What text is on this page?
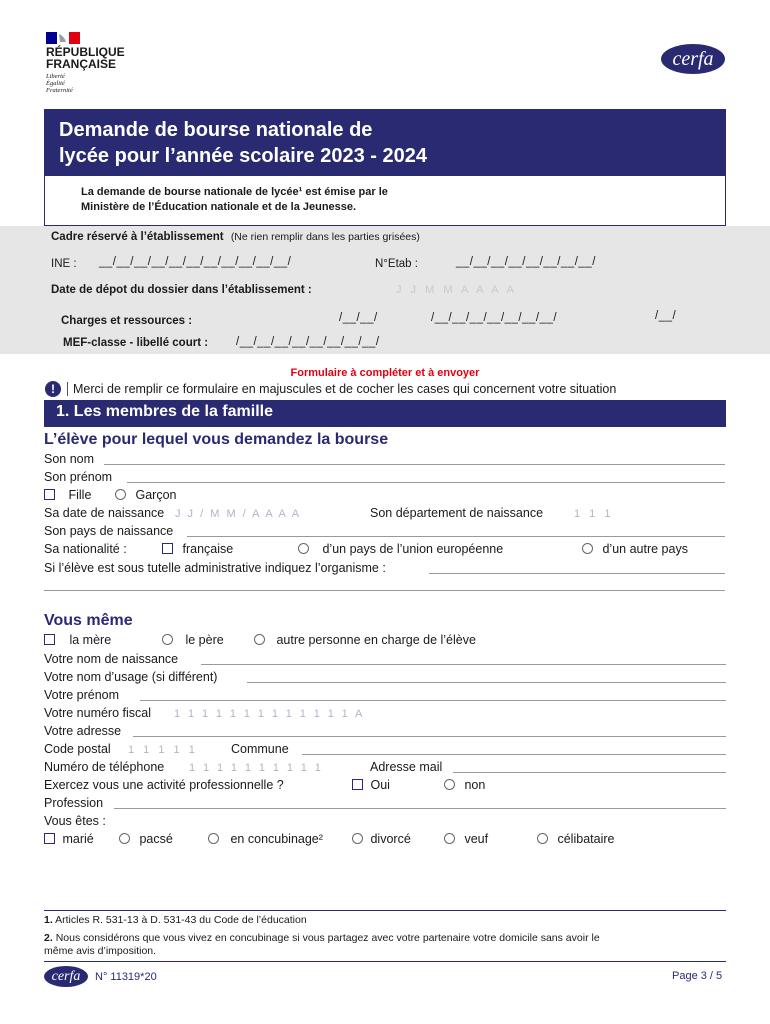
RÉPUBLIQUE
FRANÇAISE
Liberté
Égalité
Fraternité
cerfa
Demande de bourse nationale de
lycée pour l’année scolaire 2023 - 2024
La demande de bourse nationale de lycée¹ est émise par le
Ministère de l’Éducation nationale et de la Jeunesse.
Cadre réservé à l’établissement (Ne rien remplir dans les parties grisées)
INE : __/__/__/__/__/__/__/__/__/__/__/	N°Etab :	__/__/__/__/__/__/__/__/
Date de dépot du dossier dans l’établissement :	J J M M A A A A
Charges et ressources :	/__/__/	/__/__/__/__/__/__/__/	/__/
MEF-classe - libellé court : /__/__/__/__/__/__/__/__/
Formulaire à compléter et à envoyer
!	Merci de remplir ce formulaire en majuscules et de cocher les cases qui concernent votre situation
1. Les membres de la famille
L’élève pour lequel vous demandez la bourse
Son nom
Son prénom
Fille	Garçon
Sa date de naissance J J / M M / A A A A	Son département de naissance	1 1 1
Son pays de naissance
Sa nationalité :	française	d’un pays de l’union européenne	d’un autre pays
Si l’élève est sous tutelle administrative indiquez l’organisme :
Vous même
la mère	le père	autre personne en charge de l’élève
Votre nom de naissance
Votre nom d’usage (si différent)
Votre prénom
Votre numéro fiscal 1 1 1 1 1 1 1 1 1 1 1 1 1 A
Votre adresse
Code postal 1 1 1 1 1	Commune
Numéro de téléphone 1 1 1 1 1 1 1 1 1 1	Adresse mail
Exercez vous une activité professionnelle ?	Oui	non
Profession
Vous êtes :
marié	pacsé	en concubinage²	divorcé	veuf	célibataire
1. Articles R. 531-13 à D. 531-43 du Code de l’éducation
2. Nous considérons que vous vivez en concubinage si vous partagez avec votre partenaire votre domicile sans avoir le
même avis d’imposition.
cerfa	N° 11319*20	Page 3 / 5
